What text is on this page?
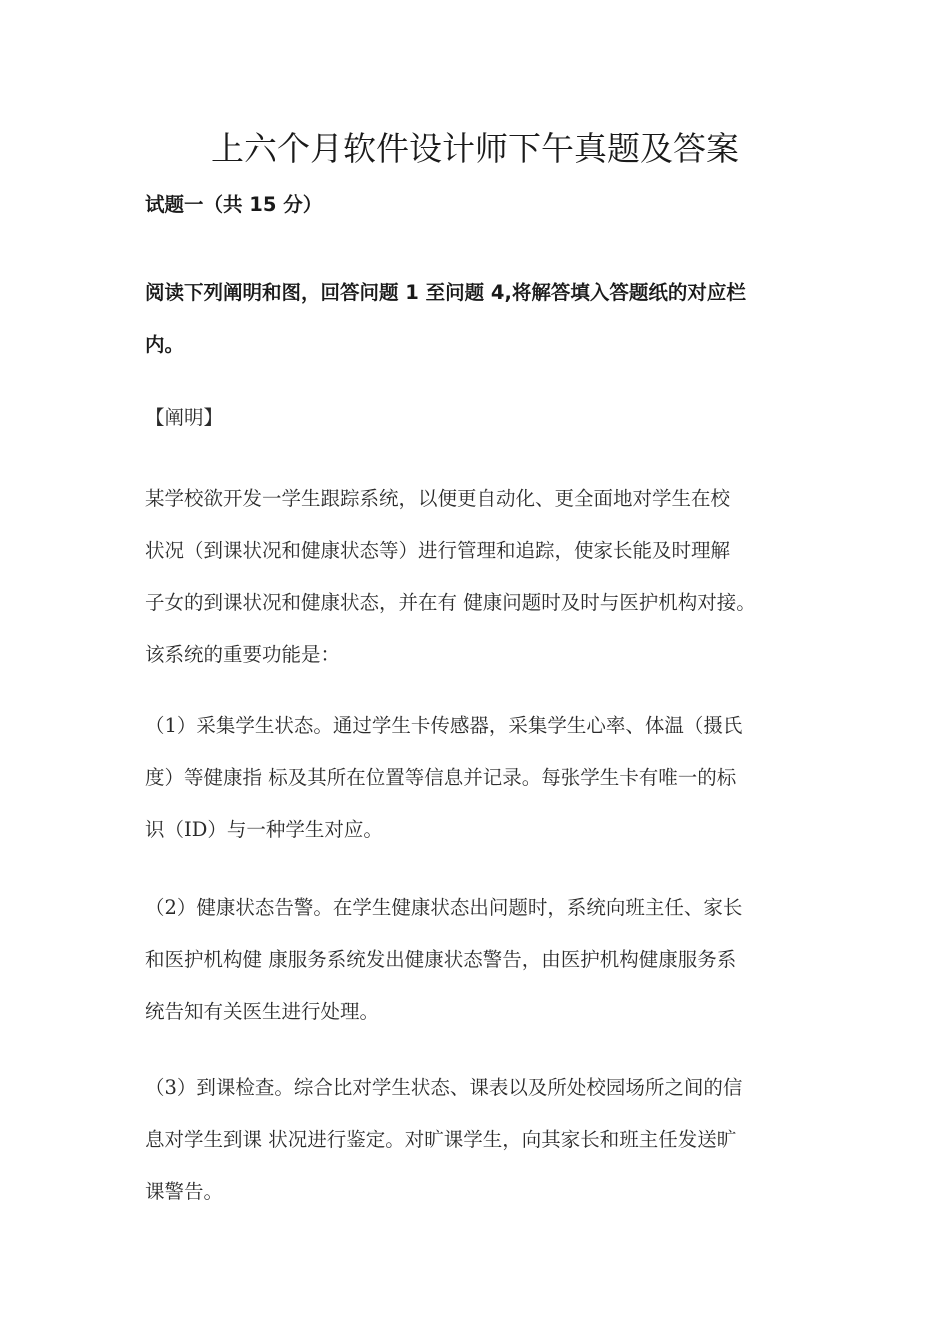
上六个月软件设计师下午真题及答案

试题一（共 15 分）

阅读下列阐明和图，回答问题 1 至问题 4,将解答填入答题纸的对应栏
内。

【阐明】

某学校欲开发一学生跟踪系统，以便更自动化、更全面地对学生在校
状况（到课状况和健康状态等）进行管理和追踪，使家长能及时理解
子女的到课状况和健康状态，并在有 健康问题时及时与医护机构对接。
该系统的重要功能是：

（1）采集学生状态。通过学生卡传感器，采集学生心率、体温（摄氏
度）等健康指 标及其所在位置等信息并记录。每张学生卡有唯一的标
识（ID）与一种学生对应。

（2）健康状态告警。在学生健康状态出问题时，系统向班主任、家长
和医护机构健 康服务系统发出健康状态警告，由医护机构健康服务系
统告知有关医生进行处理。

（3）到课检查。综合比对学生状态、课表以及所处校园场所之间的信
息对学生到课 状况进行鉴定。对旷课学生，向其家长和班主任发送旷
课警告。
